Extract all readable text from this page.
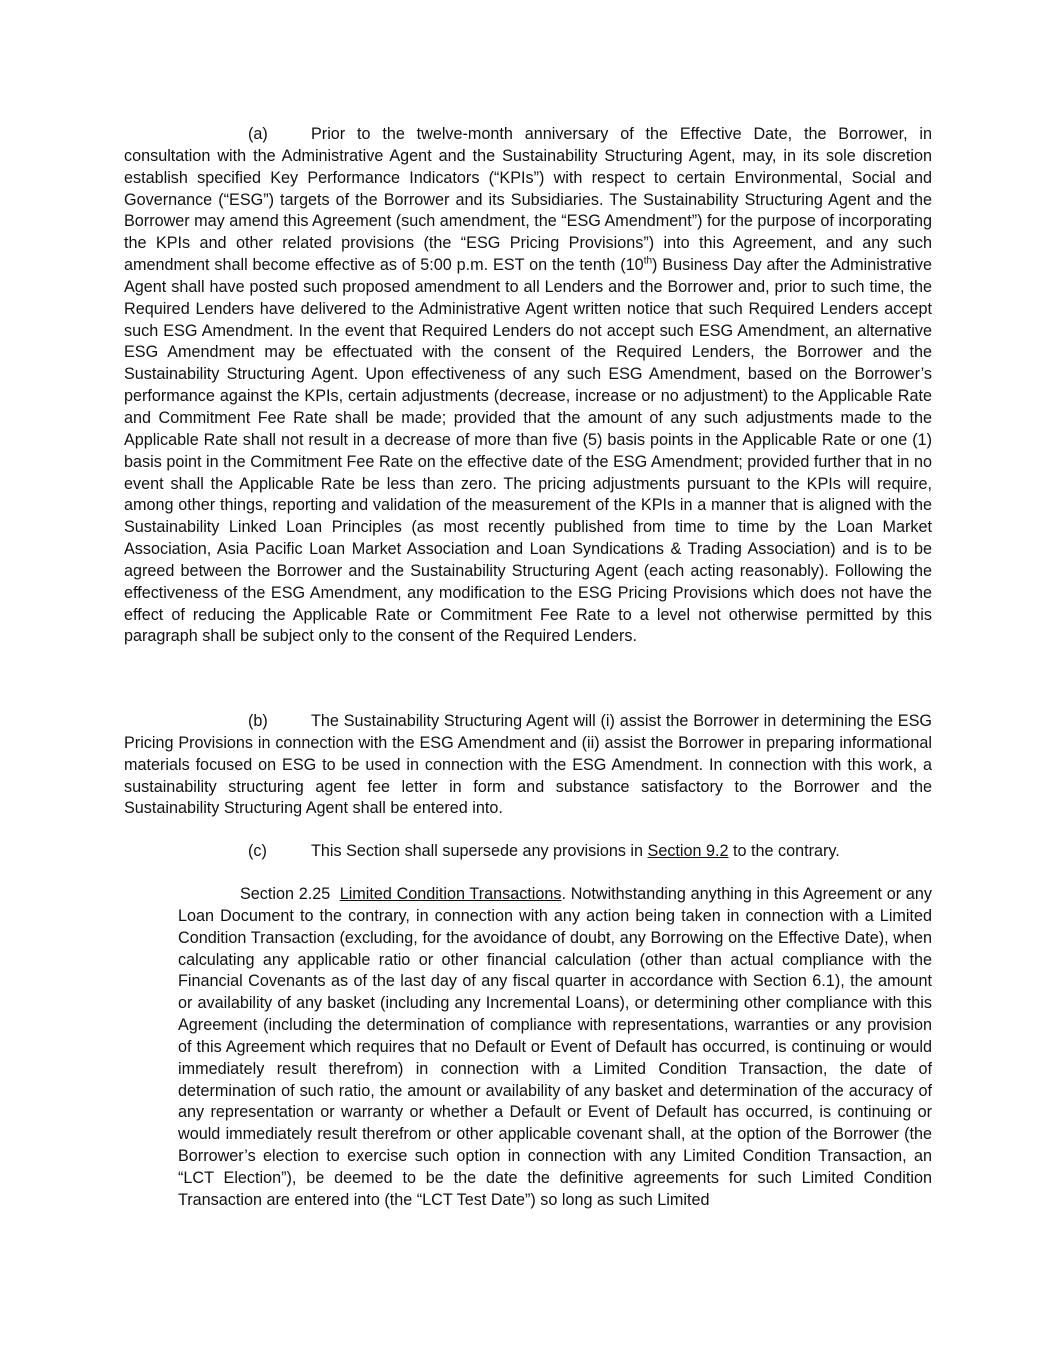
(a)	Prior to the twelve-month anniversary of the Effective Date, the Borrower, in consultation with the Administrative Agent and the Sustainability Structuring Agent, may, in its sole discretion establish specified Key Performance Indicators (“KPIs”) with respect to certain Environmental, Social and Governance (“ESG”) targets of the Borrower and its Subsidiaries. The Sustainability Structuring Agent and the Borrower may amend this Agreement (such amendment, the “ESG Amendment”) for the purpose of incorporating the KPIs and other related provisions (the “ESG Pricing Provisions”) into this Agreement, and any such amendment shall become effective as of 5:00 p.m. EST on the tenth (10th) Business Day after the Administrative Agent shall have posted such proposed amendment to all Lenders and the Borrower and, prior to such time, the Required Lenders have delivered to the Administrative Agent written notice that such Required Lenders accept such ESG Amendment. In the event that Required Lenders do not accept such ESG Amendment, an alternative ESG Amendment may be effectuated with the consent of the Required Lenders, the Borrower and the Sustainability Structuring Agent. Upon effectiveness of any such ESG Amendment, based on the Borrower’s performance against the KPIs, certain adjustments (decrease, increase or no adjustment) to the Applicable Rate and Commitment Fee Rate shall be made; provided that the amount of any such adjustments made to the Applicable Rate shall not result in a decrease of more than five (5) basis points in the Applicable Rate or one (1) basis point in the Commitment Fee Rate on the effective date of the ESG Amendment; provided further that in no event shall the Applicable Rate be less than zero. The pricing adjustments pursuant to the KPIs will require, among other things, reporting and validation of the measurement of the KPIs in a manner that is aligned with the Sustainability Linked Loan Principles (as most recently published from time to time by the Loan Market Association, Asia Pacific Loan Market Association and Loan Syndications & Trading Association) and is to be agreed between the Borrower and the Sustainability Structuring Agent (each acting reasonably). Following the effectiveness of the ESG Amendment, any modification to the ESG Pricing Provisions which does not have the effect of reducing the Applicable Rate or Commitment Fee Rate to a level not otherwise permitted by this paragraph shall be subject only to the consent of the Required Lenders.

(b)	The Sustainability Structuring Agent will (i) assist the Borrower in determining the ESG Pricing Provisions in connection with the ESG Amendment and (ii) assist the Borrower in preparing informational materials focused on ESG to be used in connection with the ESG Amendment. In connection with this work, a sustainability structuring agent fee letter in form and substance satisfactory to the Borrower and the Sustainability Structuring Agent shall be entered into.

(c)	This Section shall supersede any provisions in Section 9.2 to the contrary.

Section 2.25 Limited Condition Transactions. Notwithstanding anything in this Agreement or any Loan Document to the contrary, in connection with any action being taken in connection with a Limited Condition Transaction (excluding, for the avoidance of doubt, any Borrowing on the Effective Date), when calculating any applicable ratio or other financial calculation (other than actual compliance with the Financial Covenants as of the last day of any fiscal quarter in accordance with Section 6.1), the amount or availability of any basket (including any Incremental Loans), or determining other compliance with this Agreement (including the determination of compliance with representations, warranties or any provision of this Agreement which requires that no Default or Event of Default has occurred, is continuing or would immediately result therefrom) in connection with a Limited Condition Transaction, the date of determination of such ratio, the amount or availability of any basket and determination of the accuracy of any representation or warranty or whether a Default or Event of Default has occurred, is continuing or would immediately result therefrom or other applicable covenant shall, at the option of the Borrower (the Borrower’s election to exercise such option in connection with any Limited Condition Transaction, an “LCT Election”), be deemed to be the date the definitive agreements for such Limited Condition Transaction are entered into (the “LCT Test Date”) so long as such Limited
